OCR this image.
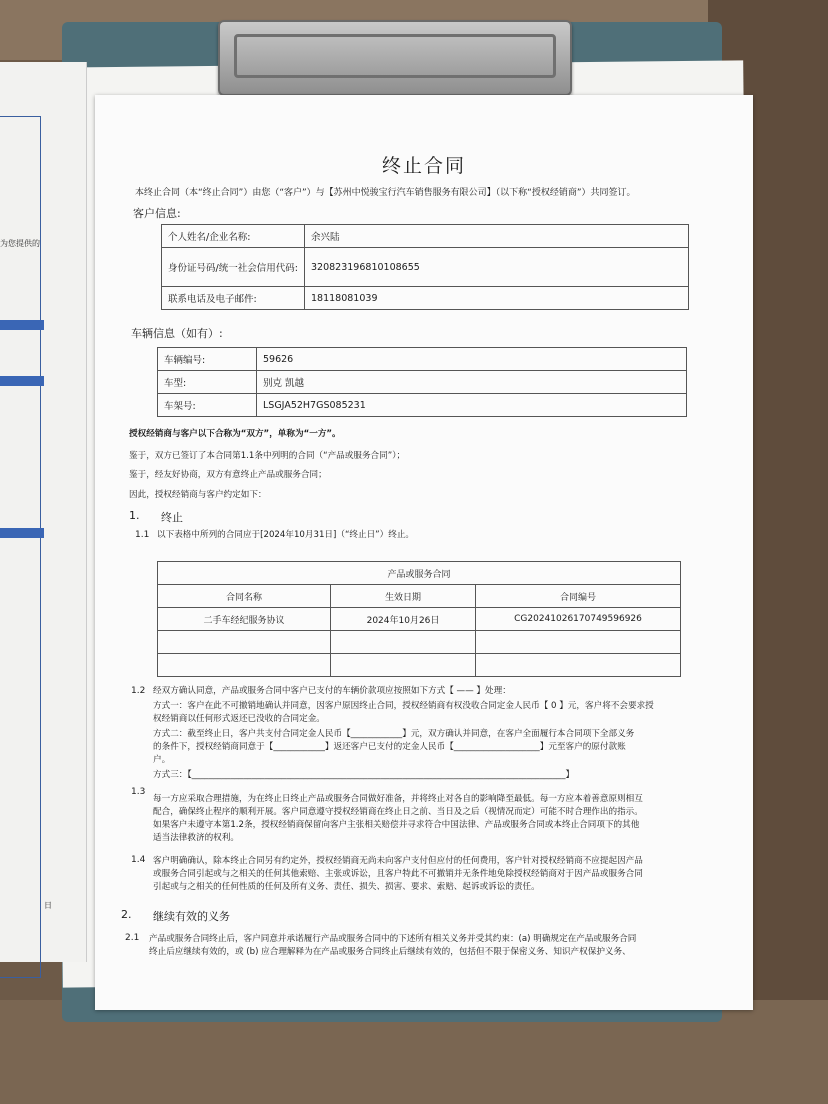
为您提供的
日
终止合同
本终止合同（本“终止合同”）由您（“客户”）与【苏州中悦骏宝行汽车销售服务有限公司】（以下称“授权经销商”）共同签订。
客户信息:
个人姓名/企业名称:	余兴陆
身份证号码/统一社会信用代码:	320823196810108655
联系电话及电子邮件:	18118081039
车辆信息（如有）:
车辆编号:	59626
车型:	别克 凯越
车架号:	LSGJA52H7GS085231
授权经销商与客户以下合称为“双方”，单称为“一方”。
鉴于，双方已签订了本合同第1.1条中列明的合同（“产品或服务合同”）；
鉴于，经友好协商，双方有意终止产品或服务合同；
因此，授权经销商与客户约定如下：
1. 终止
1.1 以下表格中所列的合同应于[2024年10月31日]（“终止日”）终止。
产品或服务合同		
合同名称	生效日期	合同编号
二手车经纪服务协议	2024年10月26日	CG20241026170749596926

1.2 经双方确认同意，产品或服务合同中客户已支付的车辆价款项应按照如下方式【 —— 】处理：
方式一：客户在此不可撤销地确认并同意，因客户原因终止合同，授权经销商有权没收合同定金人民币【 0 】元，客户将不会要求授
权经销商以任何形式返还已没收的合同定金。
方式二：截至终止日，客户共支付合同定金人民币【____________】元，双方确认并同意，在客户全面履行本合同项下全部义务
的条件下，授权经销商同意于【____________】返还客户已支付的定金人民币【____________________】元至客户的原付款账
户。
方式三：【_______________________________________________________________________________________】
1.3
每一方应采取合理措施，为在终止日终止产品或服务合同做好准备，并将终止对各自的影响降至最低。每一方应本着善意原则相互
配合，确保终止程序的顺利开展。客户同意遵守授权经销商在终止日之前、当日及之后（视情况而定）可能不时合理作出的指示。
如果客户未遵守本第1.2条，授权经销商保留向客户主张相关赔偿并寻求符合中国法律、产品或服务合同或本终止合同项下的其他
适当法律救济的权利。
1.4 客户明确确认，除本终止合同另有约定外，授权经销商无尚未向客户支付但应付的任何费用，客户针对授权经销商不应提起因产品
或服务合同引起或与之相关的任何其他索赔、主张或诉讼，且客户特此不可撤销并无条件地免除授权经销商对于因产品或服务合同
引起或与之相关的任何性质的任何及所有义务、责任、损失、损害、要求、索赔、起诉或诉讼的责任。
2. 继续有效的义务
2.1 产品或服务合同终止后，客户同意并承诺履行产品或服务合同中的下述所有相关义务并受其约束：(a) 明确规定在产品或服务合同
终止后应继续有效的，或 (b) 应合理解释为在产品或服务合同终止后继续有效的，包括但不限于保密义务、知识产权保护义务、
